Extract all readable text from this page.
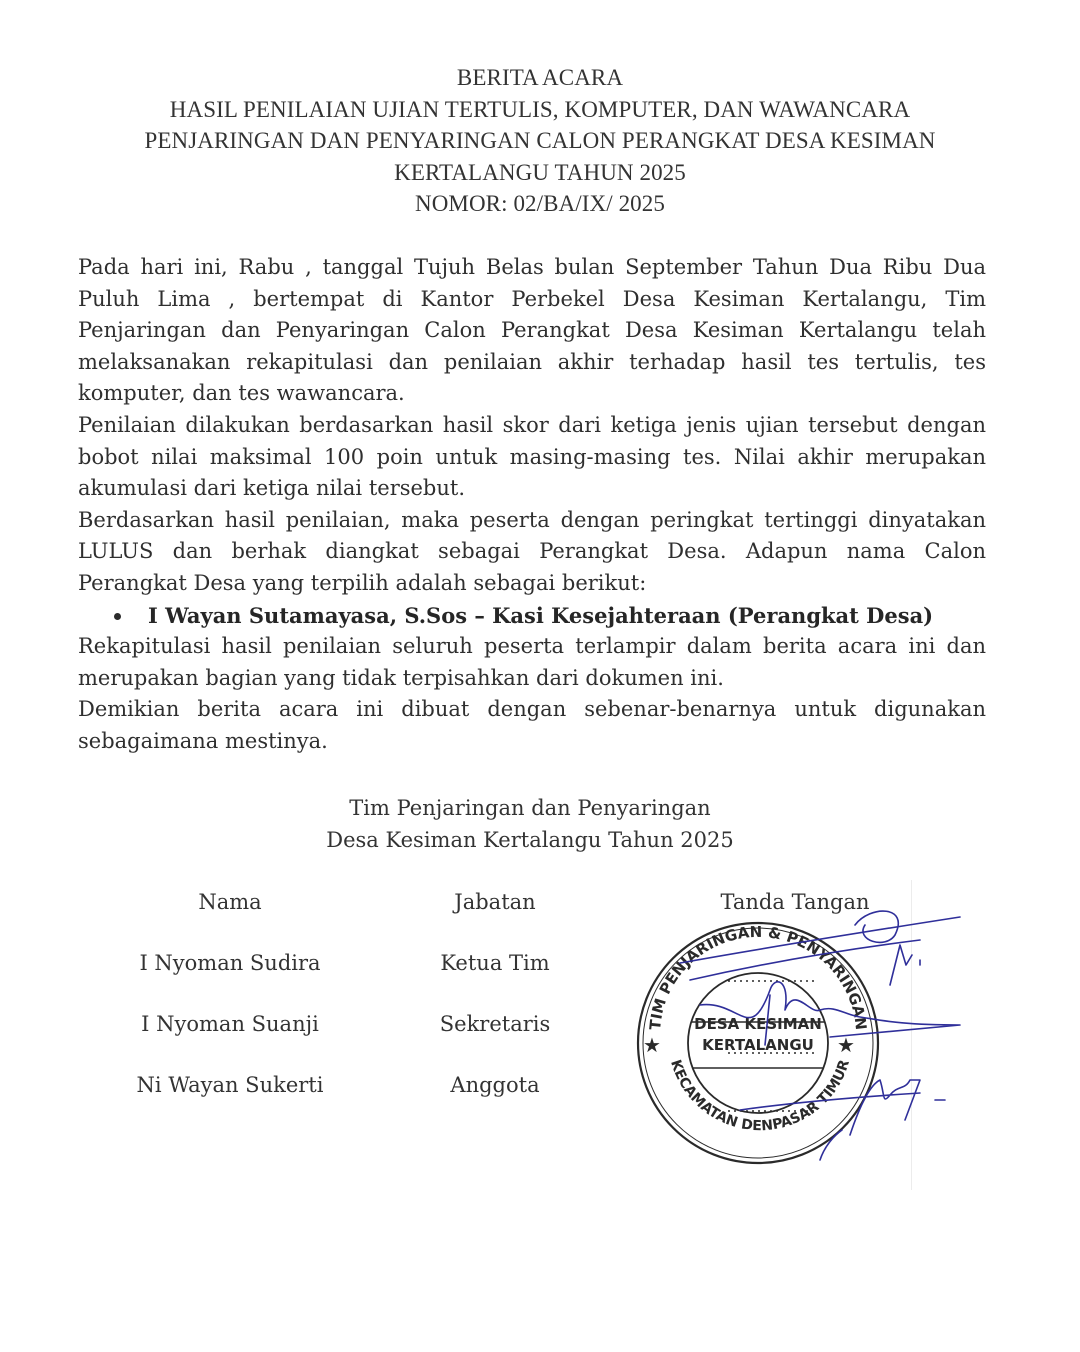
BERITA ACARA
HASIL PENILAIAN UJIAN TERTULIS, KOMPUTER, DAN WAWANCARA
PENJARINGAN DAN PENYARINGAN CALON PERANGKAT DESA KESIMAN
KERTALANGU TAHUN 2025
NOMOR: 02/BA/IX/ 2025

Pada hari ini, Rabu , tanggal Tujuh Belas bulan September Tahun Dua Ribu Dua Puluh Lima , bertempat di Kantor Perbekel Desa Kesiman Kertalangu, Tim Penjaringan dan Penyaringan Calon Perangkat Desa Kesiman Kertalangu telah melaksanakan rekapitulasi dan penilaian akhir terhadap hasil tes tertulis, tes komputer, dan tes wawancara.

Penilaian dilakukan berdasarkan hasil skor dari ketiga jenis ujian tersebut dengan bobot nilai maksimal 100 poin untuk masing-masing tes. Nilai akhir merupakan akumulasi dari ketiga nilai tersebut.

Berdasarkan hasil penilaian, maka peserta dengan peringkat tertinggi dinyatakan LULUS dan berhak diangkat sebagai Perangkat Desa. Adapun nama Calon Perangkat Desa yang terpilih adalah sebagai berikut:

I Wayan Sutamayasa, S.Sos – Kasi Kesejahteraan (Perangkat Desa)

Rekapitulasi hasil penilaian seluruh peserta terlampir dalam berita acara ini dan merupakan bagian yang tidak terpisahkan dari dokumen ini.

Demikian berita acara ini dibuat dengan sebenar-benarnya untuk digunakan sebagaimana mestinya.

Tim Penjaringan dan Penyaringan
Desa Kesiman Kertalangu Tahun 2025
Nama	Jabatan	Tanda Tangan
I Nyoman Sudira	Ketua Tim
I Nyoman Suanji	Sekretaris
Ni Wayan Sukerti	Anggota
TIM PENJARINGAN & PENYARINGAN
KECAMATAN DENPASAR TIMUR
DESA KESIMAN
KERTALANGU
★	★
